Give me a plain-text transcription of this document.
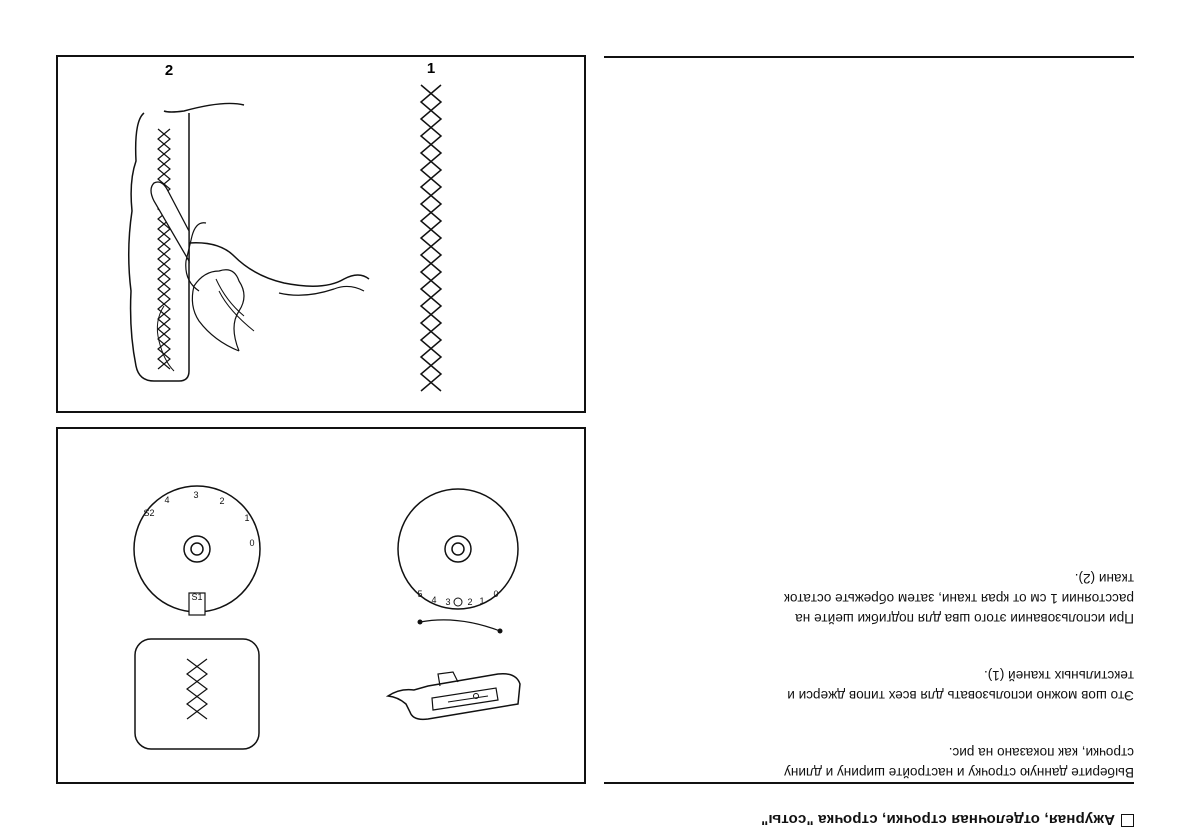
Ажурная, отделочная строчки, строчка "соты"
Выберите данную строчку и настройте ширину и длину
строчки, как показано на рис.
Это шов можно использовать для всех типов джерси и
текстильных тканей (1).
При использовании этого шва для подгибки шейте на
расстоянии 1 см от края ткани, затем обрежьте остаток
ткани (2).
0
1
2
3
4
5
0
1
2
3
4
S2
S1
1
2
